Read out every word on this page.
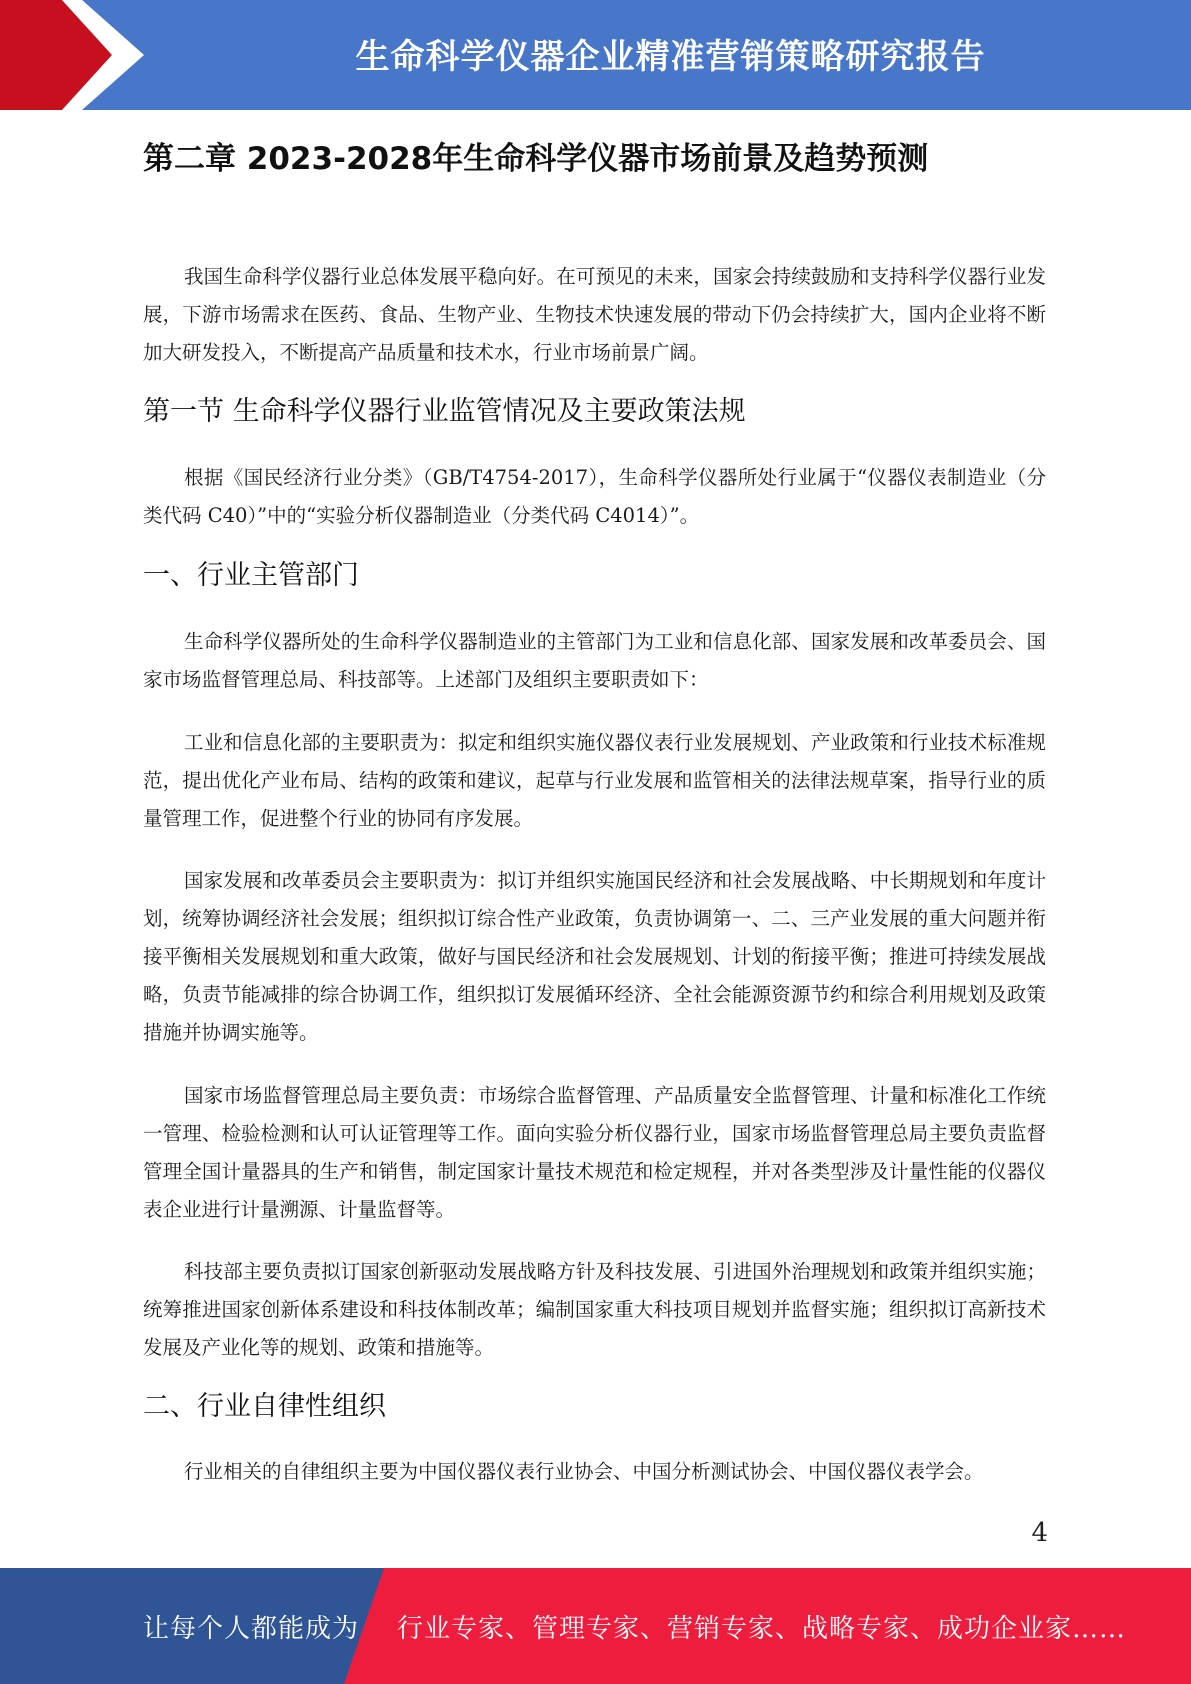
生命科学仪器企业精准营销策略研究报告
第二章 2023-2028年生命科学仪器市场前景及趋势预测

我国生命科学仪器行业总体发展平稳向好。在可预见的未来，国家会持续鼓励和支持科学仪器行业发展，下游市场需求在医药、食品、生物产业、生物技术快速发展的带动下仍会持续扩大，国内企业将不断加大研发投入，不断提高产品质量和技术水，行业市场前景广阔。

第一节 生命科学仪器行业监管情况及主要政策法规

根据《国民经济行业分类》（GB/T4754-2017），生命科学仪器所处行业属于“仪器仪表制造业（分类代码 C40）”中的“实验分析仪器制造业（分类代码 C4014）”。

一、行业主管部门

生命科学仪器所处的生命科学仪器制造业的主管部门为工业和信息化部、国家发展和改革委员会、国家市场监督管理总局、科技部等。上述部门及组织主要职责如下：

工业和信息化部的主要职责为：拟定和组织实施仪器仪表行业发展规划、产业政策和行业技术标准规范，提出优化产业布局、结构的政策和建议，起草与行业发展和监管相关的法律法规草案，指导行业的质量管理工作，促进整个行业的协同有序发展。

国家发展和改革委员会主要职责为：拟订并组织实施国民经济和社会发展战略、中长期规划和年度计划，统筹协调经济社会发展；组织拟订综合性产业政策，负责协调第一、二、三产业发展的重大问题并衔接平衡相关发展规划和重大政策，做好与国民经济和社会发展规划、计划的衔接平衡；推进可持续发展战略，负责节能减排的综合协调工作，组织拟订发展循环经济、全社会能源资源节约和综合利用规划及政策措施并协调实施等。

国家市场监督管理总局主要负责：市场综合监督管理、产品质量安全监督管理、计量和标准化工作统一管理、检验检测和认可认证管理等工作。面向实验分析仪器行业，国家市场监督管理总局主要负责监督管理全国计量器具的生产和销售，制定国家计量技术规范和检定规程，并对各类型涉及计量性能的仪器仪表企业进行计量溯源、计量监督等。

科技部主要负责拟订国家创新驱动发展战略方针及科技发展、引进国外治理规划和政策并组织实施；统筹推进国家创新体系建设和科技体制改革；编制国家重大科技项目规划并监督实施；组织拟订高新技术发展及产业化等的规划、政策和措施等。

二、行业自律性组织

行业相关的自律组织主要为中国仪器仪表行业协会、中国分析测试协会、中国仪器仪表学会。

4
让每个人都能成为 行业专家、管理专家、营销专家、战略专家、成功企业家……
